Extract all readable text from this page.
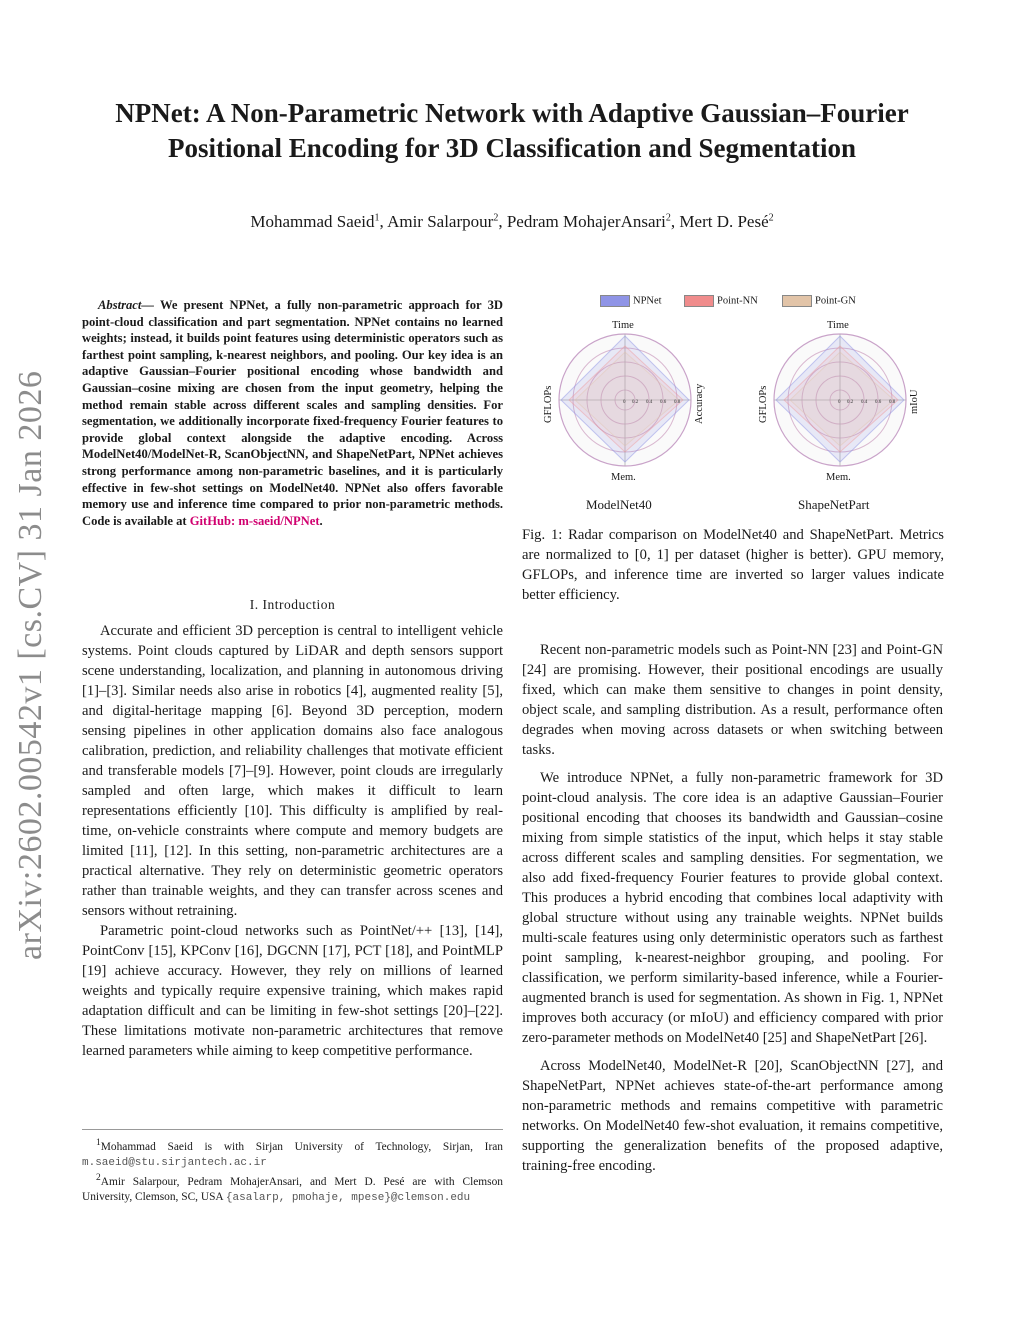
arXiv:2602.00542v1 [cs.CV] 31 Jan 2026
NPNet: A Non-Parametric Network with Adaptive Gaussian–Fourier
Positional Encoding for 3D Classification and Segmentation
Mohammad Saeid$^1$, Amir Salarpour$^2$, Pedram MohajerAnsari$^2$, Mert D. Pesé$^2$
Abstract— We present NPNet, a fully non-parametric approach for 3D point-cloud classification and part segmentation. NPNet contains no learned weights; instead, it builds point features using deterministic operators such as farthest point sampling, k-nearest neighbors, and pooling. Our key idea is an adaptive Gaussian–Fourier positional encoding whose bandwidth and Gaussian–cosine mixing are chosen from the input geometry, helping the method remain stable across different scales and sampling densities. For segmentation, we additionally incorporate fixed-frequency Fourier features to provide global context alongside the adaptive encoding. Across ModelNet40/ModelNet-R, ScanObjectNN, and ShapeNetPart, NPNet achieves strong performance among non-parametric baselines, and it is particularly effective in few-shot settings on ModelNet40. NPNet also offers favorable memory use and inference time compared to prior non-parametric methods. Code is available at GitHub: m-saeid/NPNet.
I. Introduction

Accurate and efficient 3D perception is central to intelligent vehicle systems. Point clouds captured by LiDAR and depth sensors support scene understanding, localization, and planning in autonomous driving [1]–[3]. Similar needs also arise in robotics [4], augmented reality [5], and digital-heritage mapping [6]. Beyond 3D perception, modern sensing pipelines in other application domains also face analogous calibration, prediction, and reliability challenges that motivate efficient and transferable models [7]–[9]. However, point clouds are irregularly sampled and often large, which makes it difficult to learn representations efficiently [10]. This difficulty is amplified by real-time, on-vehicle constraints where compute and memory budgets are limited [11], [12]. In this setting, non-parametric architectures are a practical alternative. They rely on deterministic geometric operators rather than trainable weights, and they can transfer across scenes and sensors without retraining.

Parametric point-cloud networks such as PointNet/++ [13], [14], PointConv [15], KPConv [16], DGCNN [17], PCT [18], and PointMLP [19] achieve accuracy. However, they rely on millions of learned weights and typically require expensive training, which makes rapid adaptation difficult and can be limiting in few-shot settings [20]–[22]. These limitations motivate non-parametric architectures that remove learned parameters while aiming to keep competitive performance.

$^1$Mohammad Saeid is with Sirjan University of Technology, Sirjan, Iran m.saeid@stu.sirjantech.ac.ir

$^2$Amir Salarpour, Pedram MohajerAnsari, and Mert D. Pesé are with Clemson University, Clemson, SC, USA {asalarp, pmohaje, mpese}@clemson.edu

NPNet	Point-NN	Point-GN
0 0.2 0.4 0.6 0.8
Time
Mem.
GFLOPs	Accuracy
ModelNet40
0 0.2 0.4 0.6 0.8
Time
Mem.
GFLOPs	mIoU
ShapeNetPart
Fig. 1: Radar comparison on ModelNet40 and ShapeNetPart. Metrics are normalized to [0, 1] per dataset (higher is better). GPU memory, GFLOPs, and inference time are inverted so larger values indicate better efficiency.

Recent non-parametric models such as Point-NN [23] and Point-GN [24] are promising. However, their positional encodings are usually fixed, which can make them sensitive to changes in point density, object scale, and sampling distribution. As a result, performance often degrades when moving across datasets or when switching between tasks.

We introduce NPNet, a fully non-parametric framework for 3D point-cloud analysis. The core idea is an adaptive Gaussian–Fourier positional encoding that chooses its bandwidth and Gaussian–cosine mixing from simple statistics of the input, which helps it stay stable across different scales and sampling densities. For segmentation, we also add fixed-frequency Fourier features to provide global context. This produces a hybrid encoding that combines local adaptivity with global structure without using any trainable weights. NPNet builds multi-scale features using only deterministic operators such as farthest point sampling, k-nearest-neighbor grouping, and pooling. For classification, we perform similarity-based inference, while a Fourier-augmented branch is used for segmentation. As shown in Fig. 1, NPNet improves both accuracy (or mIoU) and efficiency compared with prior zero-parameter methods on ModelNet40 [25] and ShapeNetPart [26].

Across ModelNet40, ModelNet-R [20], ScanObjectNN [27], and ShapeNetPart, NPNet achieves state-of-the-art performance among non-parametric methods and remains competitive with parametric networks. On ModelNet40 few-shot evaluation, it remains competitive, supporting the generalization benefits of the proposed adaptive, training-free encoding.
